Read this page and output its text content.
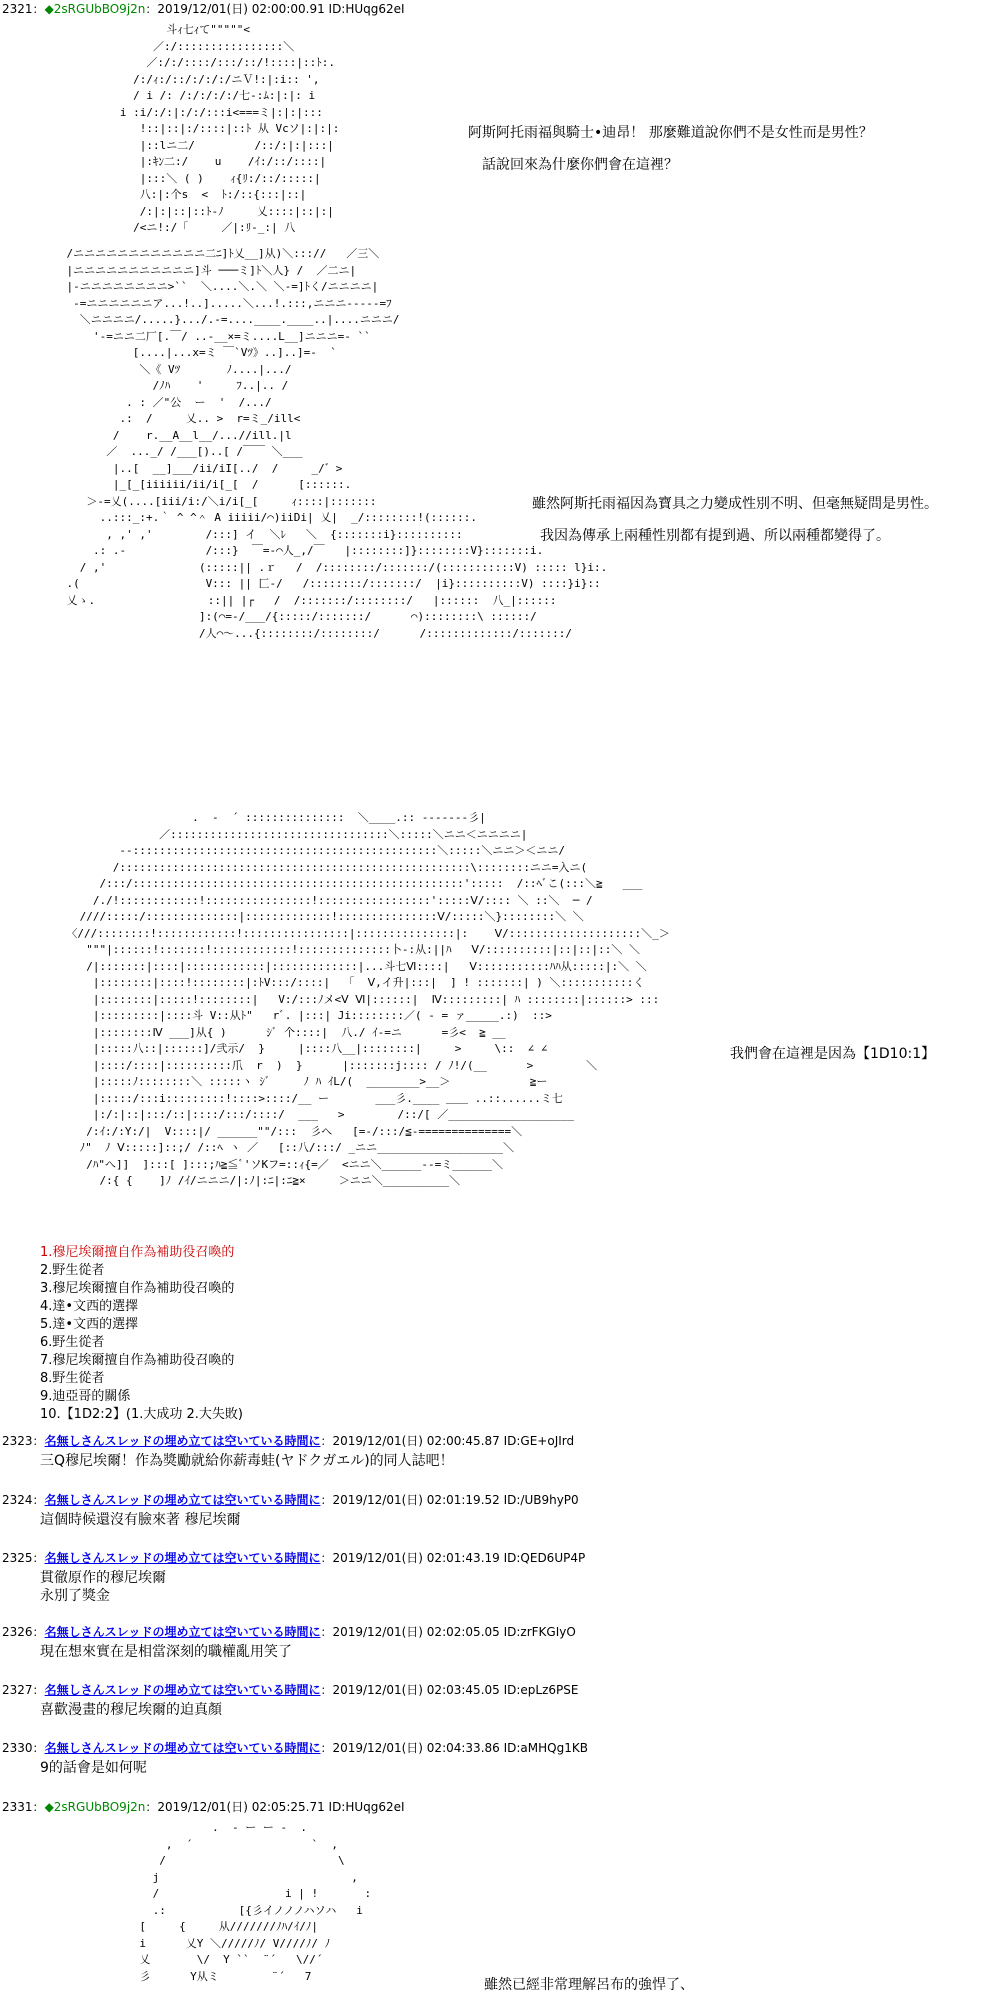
2321：◆2sRGUbBO9j2n：2019/12/01(日) 02:00:00.91 ID:HUqg62eI
斗ｨ七ｨて"""""<
／:/::::::::::::::::＼
／:/:/::::/:::/::/!::::|::ﾄ:.
/:/ｨ:/::/:/:/:/ニＶ!:|:i:: ',
/ i /: /:/:/:/:/七-:ﾑ:|:|: i
i :i/:/:|:/:/:::i<===ミ|:|:|:::
!::|::|:/::::|::ﾄ 从 Vcソ|:|:|:
|::lニ二/         /::/:|:|:::|
|:ｷﾝ二:/    u    /ｲ:/::/::::|
|:::＼ ( )    ｨ{ﾘ:/::/:::::|
八:|:个s  <  ﾄ:/::{:::|::|
/:|:|::|::ﾄ-ﾉ     乂::::|::|:|
/<ニ!:/「     ／|:ﾘ-_:| 八
阿斯阿托雨福與騎士•迪昂！ 那麼難道說你們不是女性而是男性？
話說回來為什麼你們會在這裡？
/ニニニニニニニニニニニニ二ﾆ]ﾄ乂__]从)＼::://   ／三＼
|ニニニニニニニニニニニ]斗 ───ミ]ﾄ＼人} /  ／二ニ|
|-ニニニニニニニニ>``  ＼....＼.＼ ＼-=]ﾄく/ニニニニ|
-=ニニニニニニア...!..].....＼...!.:::,ニニニ-----=ﾌ
＼ニニニニ/.....}.../.-=....____.____..|....ニニニ/
'-=ニニ二厂[.￣/ ..-__×=ミ....L__]ニニニ=- ``
[....|...x=ミ ￣`Vﾂ》..]..]=-  `
＼《 Vﾂ       ﾉ....|.../
/ﾉﾊ    '     ﾌ..|.. /
. : ／"公  ー  '  /.../
.:  /     乂.. >  r=ミ_/ill<
/    r.__A__l__/...//ill.|l
／  ..._/ /___[)..[ /￣￣ ＼___
|..[  __]___/ii/iI[../  /     _/゛>
|_[_[iiiiii/ii/i[_[  /      [::::::.
＞-=乂(....[iii/i:/＼i/i[_[     ｨ::::|:::::::
..:::_:+.｀ ^ ^＾ A iiiii/⌒)iiDi| 乂|  _/::::::::!(::::::.
, ,' ,'        /:::] イ  ＼ﾚ   ＼  {:::::::i}::::::::::
.: .-            /:::}  ￣=-⌒人_,/￣   |::::::::]}::::::::V}:::::::i.
/ ,'              (:::::|| .ｒ   /  /::::::::/:::::::/(:::::::::::V) ::::: l}i:.
.(                   V::: || 匚-/   /::::::::/:::::::/  |i}::::::::::V) ::::}i}::
乂ゝ.                 ::|| |┌   /  /:::::::/::::::::/   |::::::  八_|::::::
]:(⌒=-/___/{:::::/:::::::/      ⌒)::::::::\ ::::::/
/人⌒〜...{::::::::/::::::::/      /:::::::::::::/:::::::/
雖然阿斯托雨福因為寶具之力變成性別不明、但毫無疑問是男性。
我因為傳承上兩種性別都有提到過、所以兩種都變得了。
.  -  ´ :::::::::::::::  ＼____.:: -------彡|
／:::::::::::::::::::::::::::::::::＼:::::＼ニニ＜ニニニニ|
-‐::::::::::::::::::::::::::::::::::::::::::::::＼:::::＼ニニ＞＜ニニ/
/:::::::::::::::::::::::::::::::::::::::::::::::::::::\::::::::ニニ=入ニ(
/:::/::::::::::::::::::::::::::::::::::::::::::::::::::':::::  /::ﾍﾞこ(:::＼≧   ___
/./!::::::::::::!::::::::::::::::!:::::::::::::::::':::::Ⅴ/:::: ＼ ::＼  ─ /
////:::::/::::::::::::::|:::::::::::::!:::::::::::::::Ⅴ/:::::＼}::::::::＼ ＼
〈///::::::::!::::::::::::!::::::::::::::::|:::::::::::::::|:    Ⅴ/::::::::::::::::::::＼_＞
"""|::::::!:::::::!::::::::::::!::::::::::::::卜-:从:||ﾊ   Ⅴ/::::::::::|::|::|::＼ ＼
/|:::::::|::::|::::::::::::|:::::::::::::|...斗七Ⅵ::::|   Ⅴ:::::::::::ﾊﾊ从:::::|:＼ ＼
|::::::::|::::!::::::::|:ﾄV:::/::::|  「  Ⅴ,イ升|:::|  ] ! :::::::| ) ＼:::::::::::く
|::::::::|:::::!::::::::|   V:/:::ﾉメ<Ⅴ Ⅵ|::::::|  Ⅳ:::::::::| ﾊ ::::::::|::::::> :::
|:::::::::|::::斗 V::从ﾄ"   rﾞ. |:::| Ji::::::::／( - = ァ_____.:)  ::>
|::::::::Ⅳ ___]从{ )      ｼﾞ 个::::|  八./ ｲ-=ニ      =彡<  ≧ __
|:::::八::|::::::]/弐示/  }     |::::八__|::::::::|     >     \::  ∠ ∠
|::::/::::|::::::::::爪  r  )  }      |:::::::j:::: / ﾉ!/(__      >        ＼
|:::::ﾉ::::::::＼ :::::ヽ ｼﾞ     ﾉ ﾊ ｲL/(  ________>__＞            ≧ー
|:::::/:::i:::::::::!::::>::::/__ ー       ___彡.____ ＿＿ ..::......ミ七
|:/:|::|:::/::|::::/:::/::::/  ___   >        /::/[ ／___________________
/:ｲ:/:Y:/|  V::::|/ ______""/:::  彡へ   [=-/:::/≦-==============＼
ﾉ"  ﾉ Ⅴ:::::]::;/ /::ﾍ ヽ ／   [::八/:::/ _ニニ___________________＼
/ﾊ"へ]]  ]:::[ ]:::;ﾊ≧≦ﾞ'ソKフ=::ｨ{=／  <ニニ＼______--=ミ______＼
/:{ {    ]ﾉ /ｲ/ニニニ/|:ﾉ|:ﾆ|:ﾆ≧×     ＞ニニ＼__________＼
我們會在這裡是因為【1D10:1】
1.穆尼埃爾擅自作為補助役召喚的
2.野生從者
3.穆尼埃爾擅自作為補助役召喚的
4.達•文西的選擇
5.達•文西的選擇
6.野生從者
7.穆尼埃爾擅自作為補助役召喚的
8.野生從者
9.迪亞哥的關係
10.【1D2:2】(1.大成功 2.大失敗)
2323：名無しさんスレッドの埋め立ては空いている時間に：2019/12/01(日) 02:00:45.87 ID:GE+oJIrd
三Q穆尼埃爾！作為獎勵就給你薪毒蛙(ヤドクガエル)的同人誌吧！
2324：名無しさんスレッドの埋め立ては空いている時間に：2019/12/01(日) 02:01:19.52 ID:/UB9hyP0
這個時候還沒有臉來著 穆尼埃爾
2325：名無しさんスレッドの埋め立ては空いている時間に：2019/12/01(日) 02:01:43.19 ID:QED6UP4P
貫徹原作的穆尼埃爾
永別了獎金
2326：名無しさんスレッドの埋め立ては空いている時間に：2019/12/01(日) 02:02:05.05 ID:zrFKGIyO
現在想來實在是相當深刻的職權亂用笑了
2327：名無しさんスレッドの埋め立ては空いている時間に：2019/12/01(日) 02:03:45.05 ID:epLz6PSE
喜歡漫畫的穆尼埃爾的迫真顏
2330：名無しさんスレッドの埋め立ては空いている時間に：2019/12/01(日) 02:04:33.86 ID:aMHQg1KB
9的話會是如何呢
2331：◆2sRGUbBO9j2n：2019/12/01(日) 02:05:25.71 ID:HUqg62eI
.  - ー ー -  .
,  ´                  `  ,
/                          \
j                             ,
/                   i | !       :
.:           [{彡イノノノハソハ   i
[     {     从///////ﾉﾊ/ｲ/ﾉ|
i      乂Y ＼/////ﾉ/ V////ﾉ/ ﾉ
乂       \/  Y ``  ¨´   \//´
彡      Y从ミ        ¨´   7
雖然已經非常理解呂布的強悍了、
